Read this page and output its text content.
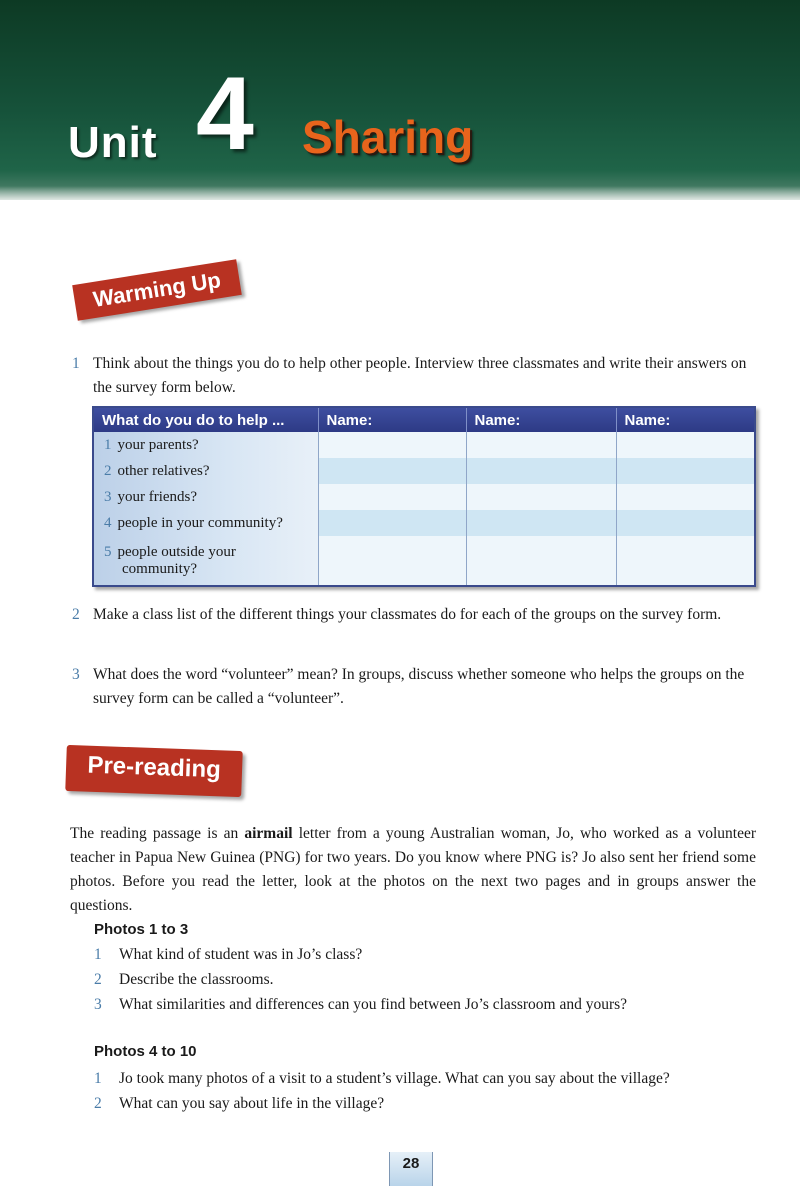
Unit 4 Sharing
Warming Up
1 Think about the things you do to help other people. Interview three classmates and write their answers on the survey form below.
What do you do to help ...	Name:	Name:	Name:
1 your parents?			
2 other relatives?			
3 your friends?			
4 people in your community?			
5 people outside your
community?			

2 Make a class list of the different things your classmates do for each of the groups on the survey form.
3 What does the word “volunteer” mean? In groups, discuss whether someone who helps the groups on the survey form can be called a “volunteer”.
Pre-reading
The reading passage is an airmail letter from a young Australian woman, Jo, who worked as a volunteer teacher in Papua New Guinea (PNG) for two years. Do you know where PNG is? Jo also sent her friend some photos. Before you read the letter, look at the photos on the next two pages and in groups answer the questions.
Photos 1 to 3
1	What kind of student was in Jo’s class?
2	Describe the classrooms.
3	What similarities and differences can you find between Jo’s classroom and yours?
Photos 4 to 10
1	Jo took many photos of a visit to a student’s village. What can you say about the village?
2	What can you say about life in the village?
28
